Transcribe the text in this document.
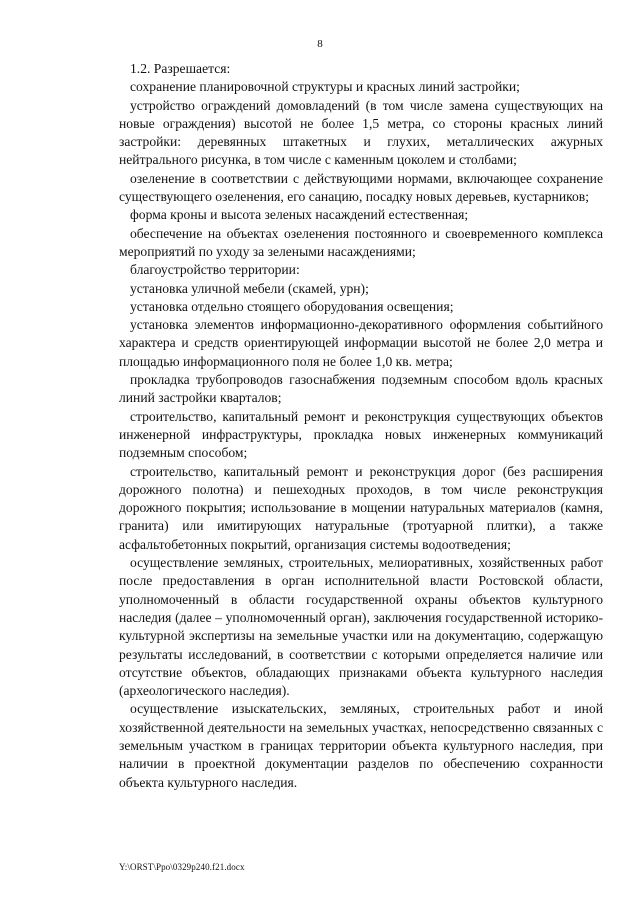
8

1.2. Разрешается:

сохранение планировочной структуры и красных линий застройки;

устройство ограждений домовладений (в том числе замена существующих на новые ограждения) высотой не более 1,5 метра, со стороны красных линий застройки: деревянных штакетных и глухих, металлических ажурных нейтрального рисунка, в том числе с каменным цоколем и столбами;

озеленение в соответствии с действующими нормами, включающее сохранение существующего озеленения, его санацию, посадку новых деревьев, кустарников;

форма кроны и высота зеленых насаждений естественная;

обеспечение на объектах озеленения постоянного и своевременного комплекса мероприятий по уходу за зелеными насаждениями;

благоустройство территории:

установка уличной мебели (скамей, урн);

установка отдельно стоящего оборудования освещения;

установка элементов информационно-декоративного оформления событийного характера и средств ориентирующей информации высотой не более 2,0 метра и площадью информационного поля не более 1,0 кв. метра;

прокладка трубопроводов газоснабжения подземным способом вдоль красных линий застройки кварталов;

строительство, капитальный ремонт и реконструкция существующих объектов инженерной инфраструктуры, прокладка новых инженерных коммуникаций подземным способом;

строительство, капитальный ремонт и реконструкция дорог (без расширения дорожного полотна) и пешеходных проходов, в том числе реконструкция дорожного покрытия; использование в мощении натуральных материалов (камня, гранита) или имитирующих натуральные (тротуарной плитки), а также асфальтобетонных покрытий, организация системы водоотведения;

осуществление земляных, строительных, мелиоративных, хозяйственных работ после предоставления в орган исполнительной власти Ростовской области, уполномоченный в области государственной охраны объектов культурного наследия (далее – уполномоченный орган), заключения государственной историко-культурной экспертизы на земельные участки или на документацию, содержащую результаты исследований, в соответствии с которыми определяется наличие или отсутствие объектов, обладающих признаками объекта культурного наследия (археологического наследия).

осуществление изыскательских, земляных, строительных работ и иной хозяйственной деятельности на земельных участках, непосредственно связанных с земельным участком в границах территории объекта культурного наследия, при наличии в проектной документации разделов по обеспечению сохранности объекта культурного наследия.

Y:\ORST\Ppo\0329p240.f21.docx
